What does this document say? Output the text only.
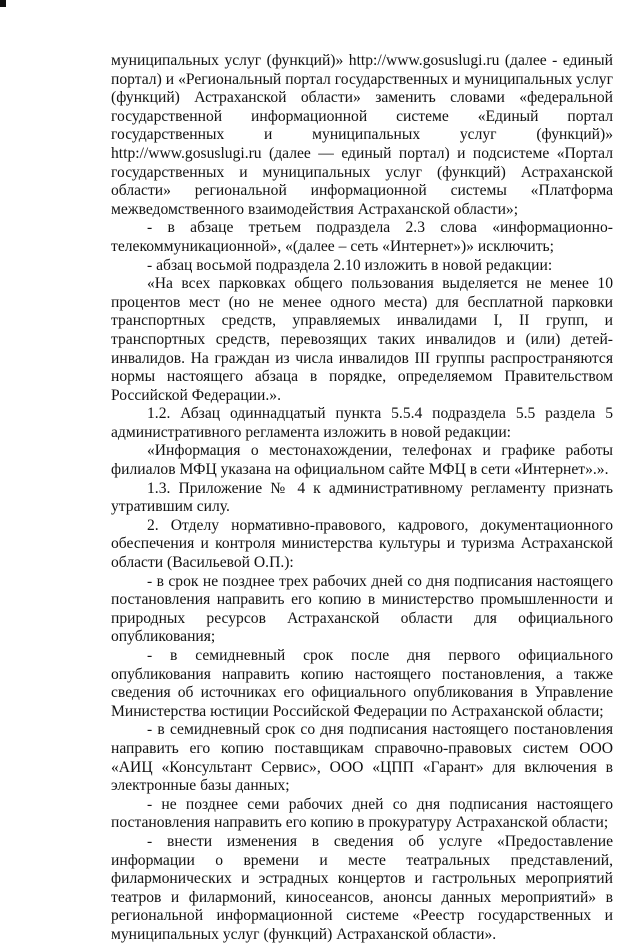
муниципальных услуг (функций)» http://www.gosuslugi.ru (далее - единый портал) и «Региональный портал государственных и муниципальных услуг (функций) Астраханской области» заменить словами «федеральной государственной информационной системе «Единый портал государственных и муниципальных услуг (функций)» http://www.gosuslugi.ru (далее — единый портал) и подсистеме «Портал государственных и муниципальных услуг (функций) Астраханской области» региональной информационной системы «Платформа межведомственного взаимодействия Астраханской области»;

- в абзаце третьем подраздела 2.3 слова «информационно-телекоммуникационной», «(далее – сеть «Интернет»)» исключить;

- абзац восьмой подраздела 2.10 изложить в новой редакции:

«На всех парковках общего пользования выделяется не менее 10 процентов мест (но не менее одного места) для бесплатной парковки транспортных средств, управляемых инвалидами I, II групп, и транспортных средств, перевозящих таких инвалидов и (или) детей-инвалидов. На граждан из числа инвалидов III группы распространяются нормы настоящего абзаца в порядке, определяемом Правительством Российской Федерации.».

1.2. Абзац одиннадцатый пункта 5.5.4 подраздела 5.5 раздела 5 административного регламента изложить в новой редакции:

«Информация о местонахождении, телефонах и графике работы филиалов МФЦ указана на официальном сайте МФЦ в сети «Интернет».».

1.3. Приложение № 4 к административному регламенту признать утратившим силу.

2. Отделу нормативно-правового, кадрового, документационного обеспечения и контроля министерства культуры и туризма Астраханской области (Васильевой О.П.):

- в срок не позднее трех рабочих дней со дня подписания настоящего постановления направить его копию в министерство промышленности и природных ресурсов Астраханской области для официального опубликования;

- в семидневный срок после дня первого официального опубликования направить копию настоящего постановления, а также сведения об источниках его официального опубликования в Управление Министерства юстиции Российской Федерации по Астраханской области;

- в семидневный срок со дня подписания настоящего постановления направить его копию поставщикам справочно-правовых систем ООО «АИЦ «Консультант Сервис», ООО «ЦПП «Гарант» для включения в электронные базы данных;

- не позднее семи рабочих дней со дня подписания настоящего постановления направить его копию в прокуратуру Астраханской области;

- внести изменения в сведения об услуге «Предоставление информации о времени и месте театральных представлений, филармонических и эстрадных концертов и гастрольных мероприятий театров и филармоний, киносеансов, анонсы данных мероприятий» в региональной информационной системе «Реестр государственных и муниципальных услуг (функций) Астраханской области».
